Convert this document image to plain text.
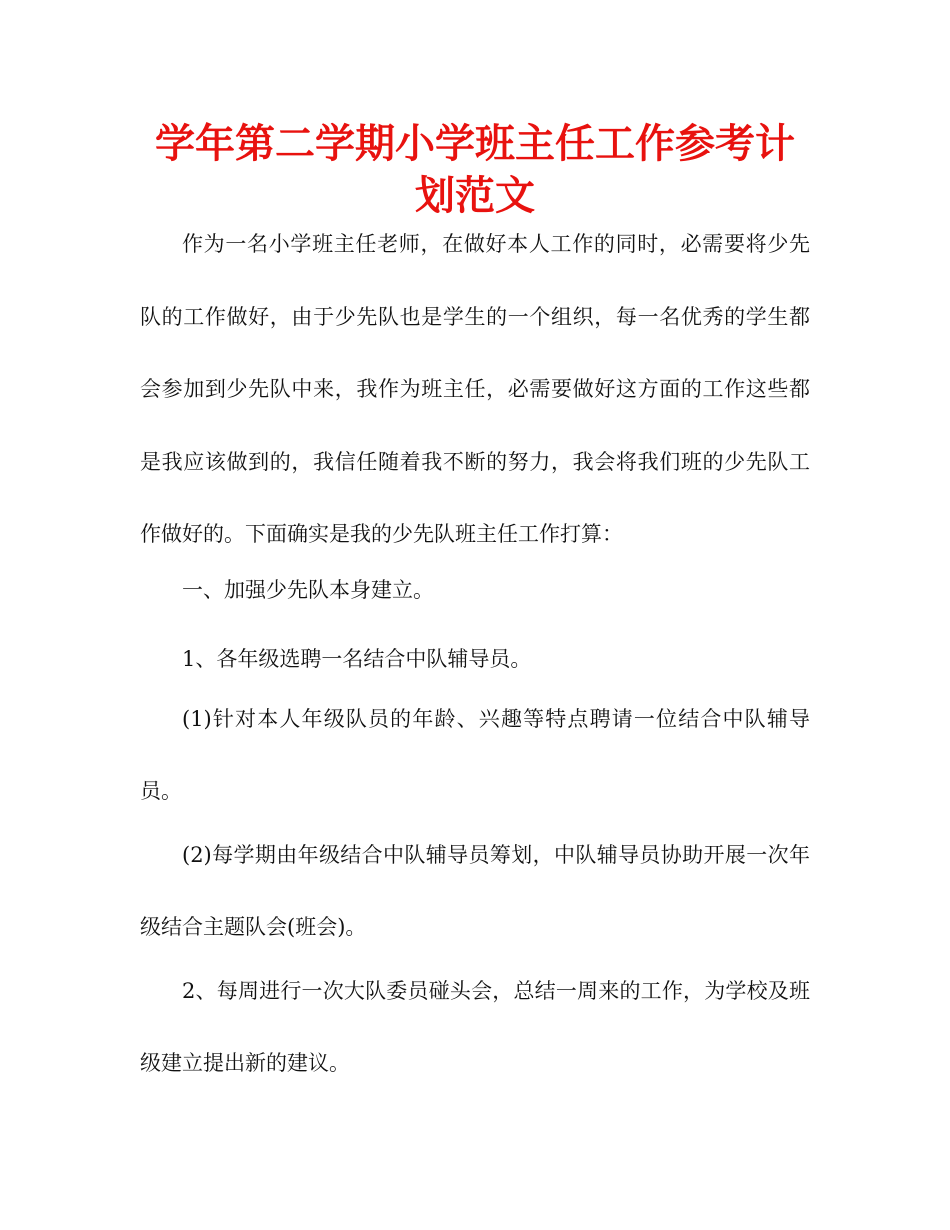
学年第二学期小学班主任工作参考计划范文

作为一名小学班主任老师，在做好本人工作的同时，必需要将少先队的工作做好，由于少先队也是学生的一个组织，每一名优秀的学生都会参加到少先队中来，我作为班主任，必需要做好这方面的工作这些都是我应该做到的，我信任随着我不断的努力，我会将我们班的少先队工作做好的。下面确实是我的少先队班主任工作打算：

一、加强少先队本身建立。

1、各年级选聘一名结合中队辅导员。

(1)针对本人年级队员的年龄、兴趣等特点聘请一位结合中队辅导员。

(2)每学期由年级结合中队辅导员筹划，中队辅导员协助开展一次年级结合主题队会(班会)。

2、每周进行一次大队委员碰头会，总结一周来的工作，为学校及班级建立提出新的建议。
